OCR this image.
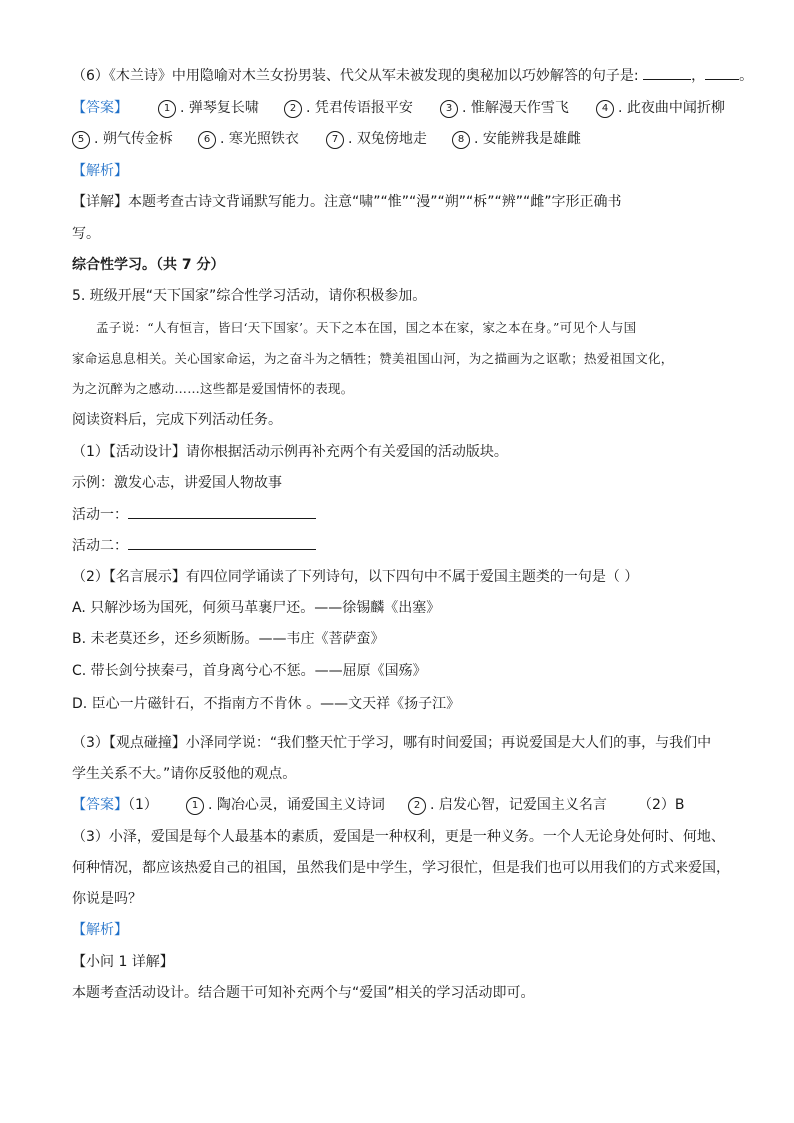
（6）《木兰诗》中用隐喻对木兰女扮男装、代父从军未被发现的奥秘加以巧妙解答的句子是:	， 。
【答案】	1 . 弹琴复长啸	2 . 凭君传语报平安	3 . 惟解漫天作雪飞	4 . 此夜曲中闻折柳
5 . 朔气传金柝	6 . 寒光照铁衣	7 . 双兔傍地走	8 . 安能辨我是雄雌
【解析】
【详解】本题考查古诗文背诵默写能力。注意“啸”“惟”“漫”“朔”“柝”“辨”“雌”字形正确书
写。
综合性学习。（共 7 分）
5. 班级开展“天下国家”综合性学习活动，请你积极参加。
孟子说：“人有恒言，皆曰‘天下国家’。天下之本在国，国之本在家，家之本在身。”可见个人与国
家命运息息相关。关心国家命运，为之奋斗为之牺牲；赞美祖国山河，为之描画为之讴歌；热爱祖国文化，
为之沉醉为之感动……这些都是爱国情怀的表现。
阅读资料后，完成下列活动任务。
（1）【活动设计】请你根据活动示例再补充两个有关爱国的活动版块。
示例：激发心志，讲爱国人物故事
活动一：
活动二：
（2）【名言展示】有四位同学诵读了下列诗句，以下四句中不属于爱国主题类的一句是（ ）
A. 只解沙场为国死，何须马革裹尸还。——徐锡麟《出塞》
B. 未老莫还乡，还乡须断肠。——韦庄《菩萨蛮》
C. 带长剑兮挟秦弓，首身离兮心不惩。——屈原《国殇》
D. 臣心一片磁针石，不指南方不肯休 。——文天祥《扬子江》
（3）【观点碰撞】小泽同学说：“我们整天忙于学习，哪有时间爱国；再说爱国是大人们的事，与我们中
学生关系不大。”请你反驳他的观点。
【答案】（1）	1 . 陶冶心灵，诵爱国主义诗词	2 . 启发心智，记爱国主义名言 （2）B
（3）小泽，爱国是每个人最基本的素质，爱国是一种权利，更是一种义务。一个人无论身处何时、何地、
何种情况，都应该热爱自己的祖国，虽然我们是中学生，学习很忙，但是我们也可以用我们的方式来爱国，
你说是吗？
【解析】
【小问 1 详解】
本题考查活动设计。结合题干可知补充两个与“爱国”相关的学习活动即可。
